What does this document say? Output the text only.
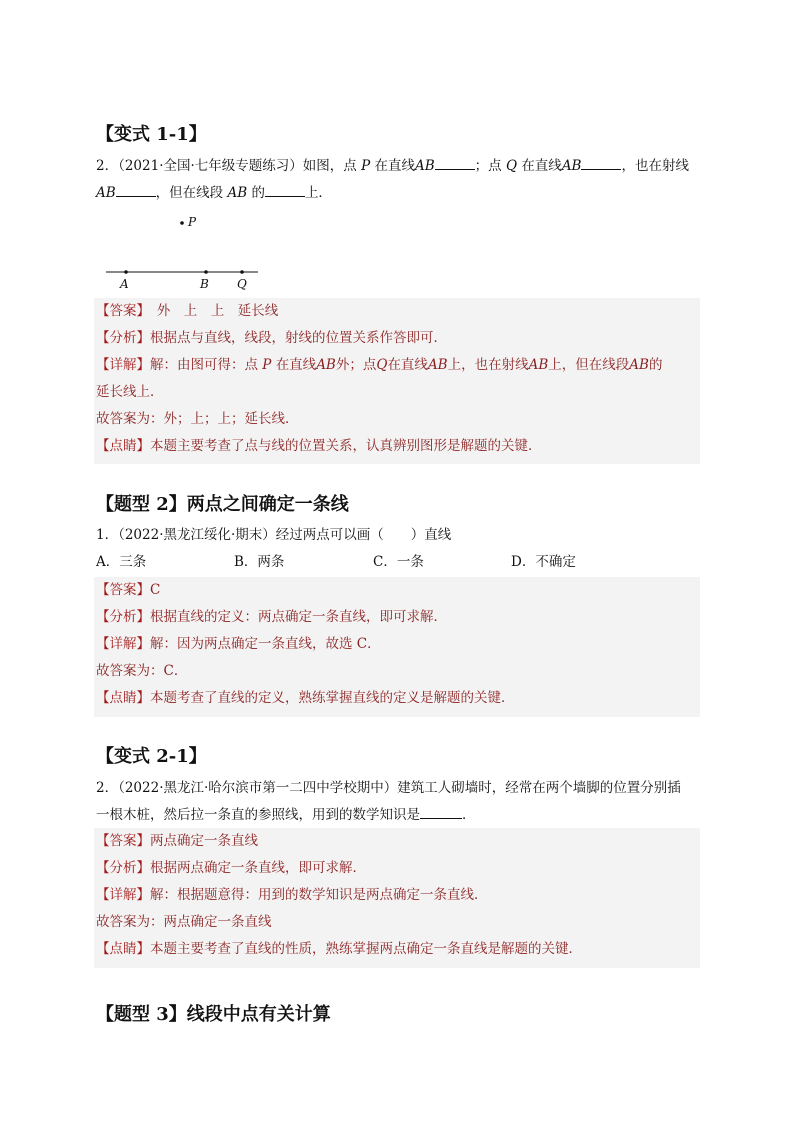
【变式 1-1】
2．（2021·全国·七年级专题练习）如图，点 P 在直线AB	；点 Q 在直线AB	，也在射线
AB	，但在线段 AB 的	上．
P
A	B Q
【答案】　外　上　上　延长线
【分析】根据点与直线，线段，射线的位置关系作答即可．
【详解】解：由图可得：点 P 在直线AB外；点Q在直线AB上，也在射线AB上，但在线段AB的
延长线上．
故答案为：外；上；上；延长线．
【点睛】本题主要考查了点与线的位置关系，认真辨别图形是解题的关键．
【题型 2】两点之间确定一条线
1．（2022·黑龙江绥化·期末）经过两点可以画（　　）直线
A．三条	B．两条	C．一条	D．不确定
【答案】C
【分析】根据直线的定义：两点确定一条直线，即可求解．
【详解】解：因为两点确定一条直线，故选 C．
故答案为：C．
【点睛】本题考查了直线的定义，熟练掌握直线的定义是解题的关键．
【变式 2-1】
2．（2022·黑龙江·哈尔滨市第一二四中学校期中）建筑工人砌墙时，经常在两个墙脚的位置分别插
一根木桩，然后拉一条直的参照线，用到的数学知识是	．
【答案】两点确定一条直线
【分析】根据两点确定一条直线，即可求解．
【详解】解：根据题意得：用到的数学知识是两点确定一条直线．
故答案为：两点确定一条直线
【点睛】本题主要考查了直线的性质，熟练掌握两点确定一条直线是解题的关键．
【题型 3】线段中点有关计算
